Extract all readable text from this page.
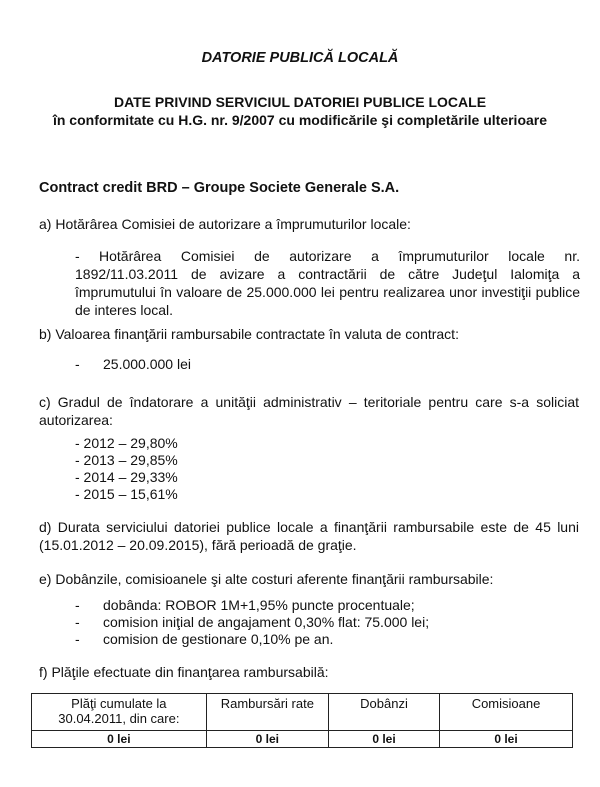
DATORIE PUBLICĂ LOCALĂ
DATE PRIVIND SERVICIUL DATORIEI PUBLICE LOCALE
în conformitate cu H.G. nr. 9/2007 cu modificările şi completările ulterioare
Contract credit BRD – Groupe Societe Generale S.A.
a) Hotărârea Comisiei de autorizare a împrumuturilor locale:
-	Hotărârea Comisiei de autorizare a împrumuturilor locale nr.
1892/11.03.2011 de avizare a contractării de către Judeţul Ialomiţa a împrumutului în valoare de 25.000.000 lei pentru realizarea unor investiţii publice de interes local.
b) Valoarea finanţării rambursabile contractate în valuta de contract:
- 25.000.000 lei
c) Gradul de îndatorare a unităţii administrativ – teritoriale pentru care s-a soliciat autorizarea:
- 2012 – 29,80%
- 2013 – 29,85%
- 2014 – 29,33%
- 2015 – 15,61%
d) Durata serviciului datoriei publice locale a finanţării rambursabile este de 45 luni (15.01.2012 – 20.09.2015), fără perioadă de graţie.
e) Dobânzile, comisioanele şi alte costuri aferente finanţării rambursabile:
- dobânda: ROBOR 1M+1,95% puncte procentuale;
- comision iniţial de angajament 0,30% flat: 75.000 lei;
- comision de gestionare 0,10% pe an.
f) Plăţile efectuate din finanţarea rambursabilă:
Plăţi cumulate la 30.04.2011, din care:	Rambursări rate	Dobânzi	Comisioane
0 lei	0 lei	0 lei	0 lei
